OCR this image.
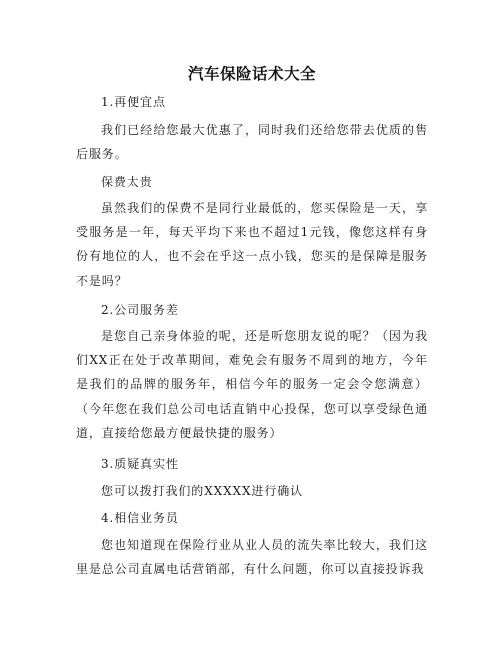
汽车保险话术大全
1.再便宜点
我们已经给您最大优惠了，同时我们还给您带去优质的售后服务。
保费太贵
虽然我们的保费不是同行业最低的，您买保险是一天，享受服务是一年，每天平均下来也不超过1元钱，像您这样有身份有地位的人，也不会在乎这一点小钱，您买的是保障是服务不是吗？
2.公司服务差
是您自己亲身体验的呢，还是听您朋友说的呢？（因为我们XX正在处于改革期间，难免会有服务不周到的地方，今年是我们的品牌的服务年，相信今年的服务一定会令您满意）（今年您在我们总公司电话直销中心投保，您可以享受绿色通道，直接给您最方便最快捷的服务）
3.质疑真实性
您可以拨打我们的XXXXX进行确认
4.相信业务员
您也知道现在保险行业从业人员的流失率比较大，我们这里是总公司直属电话营销部，有什么问题，你可以直接投诉我
